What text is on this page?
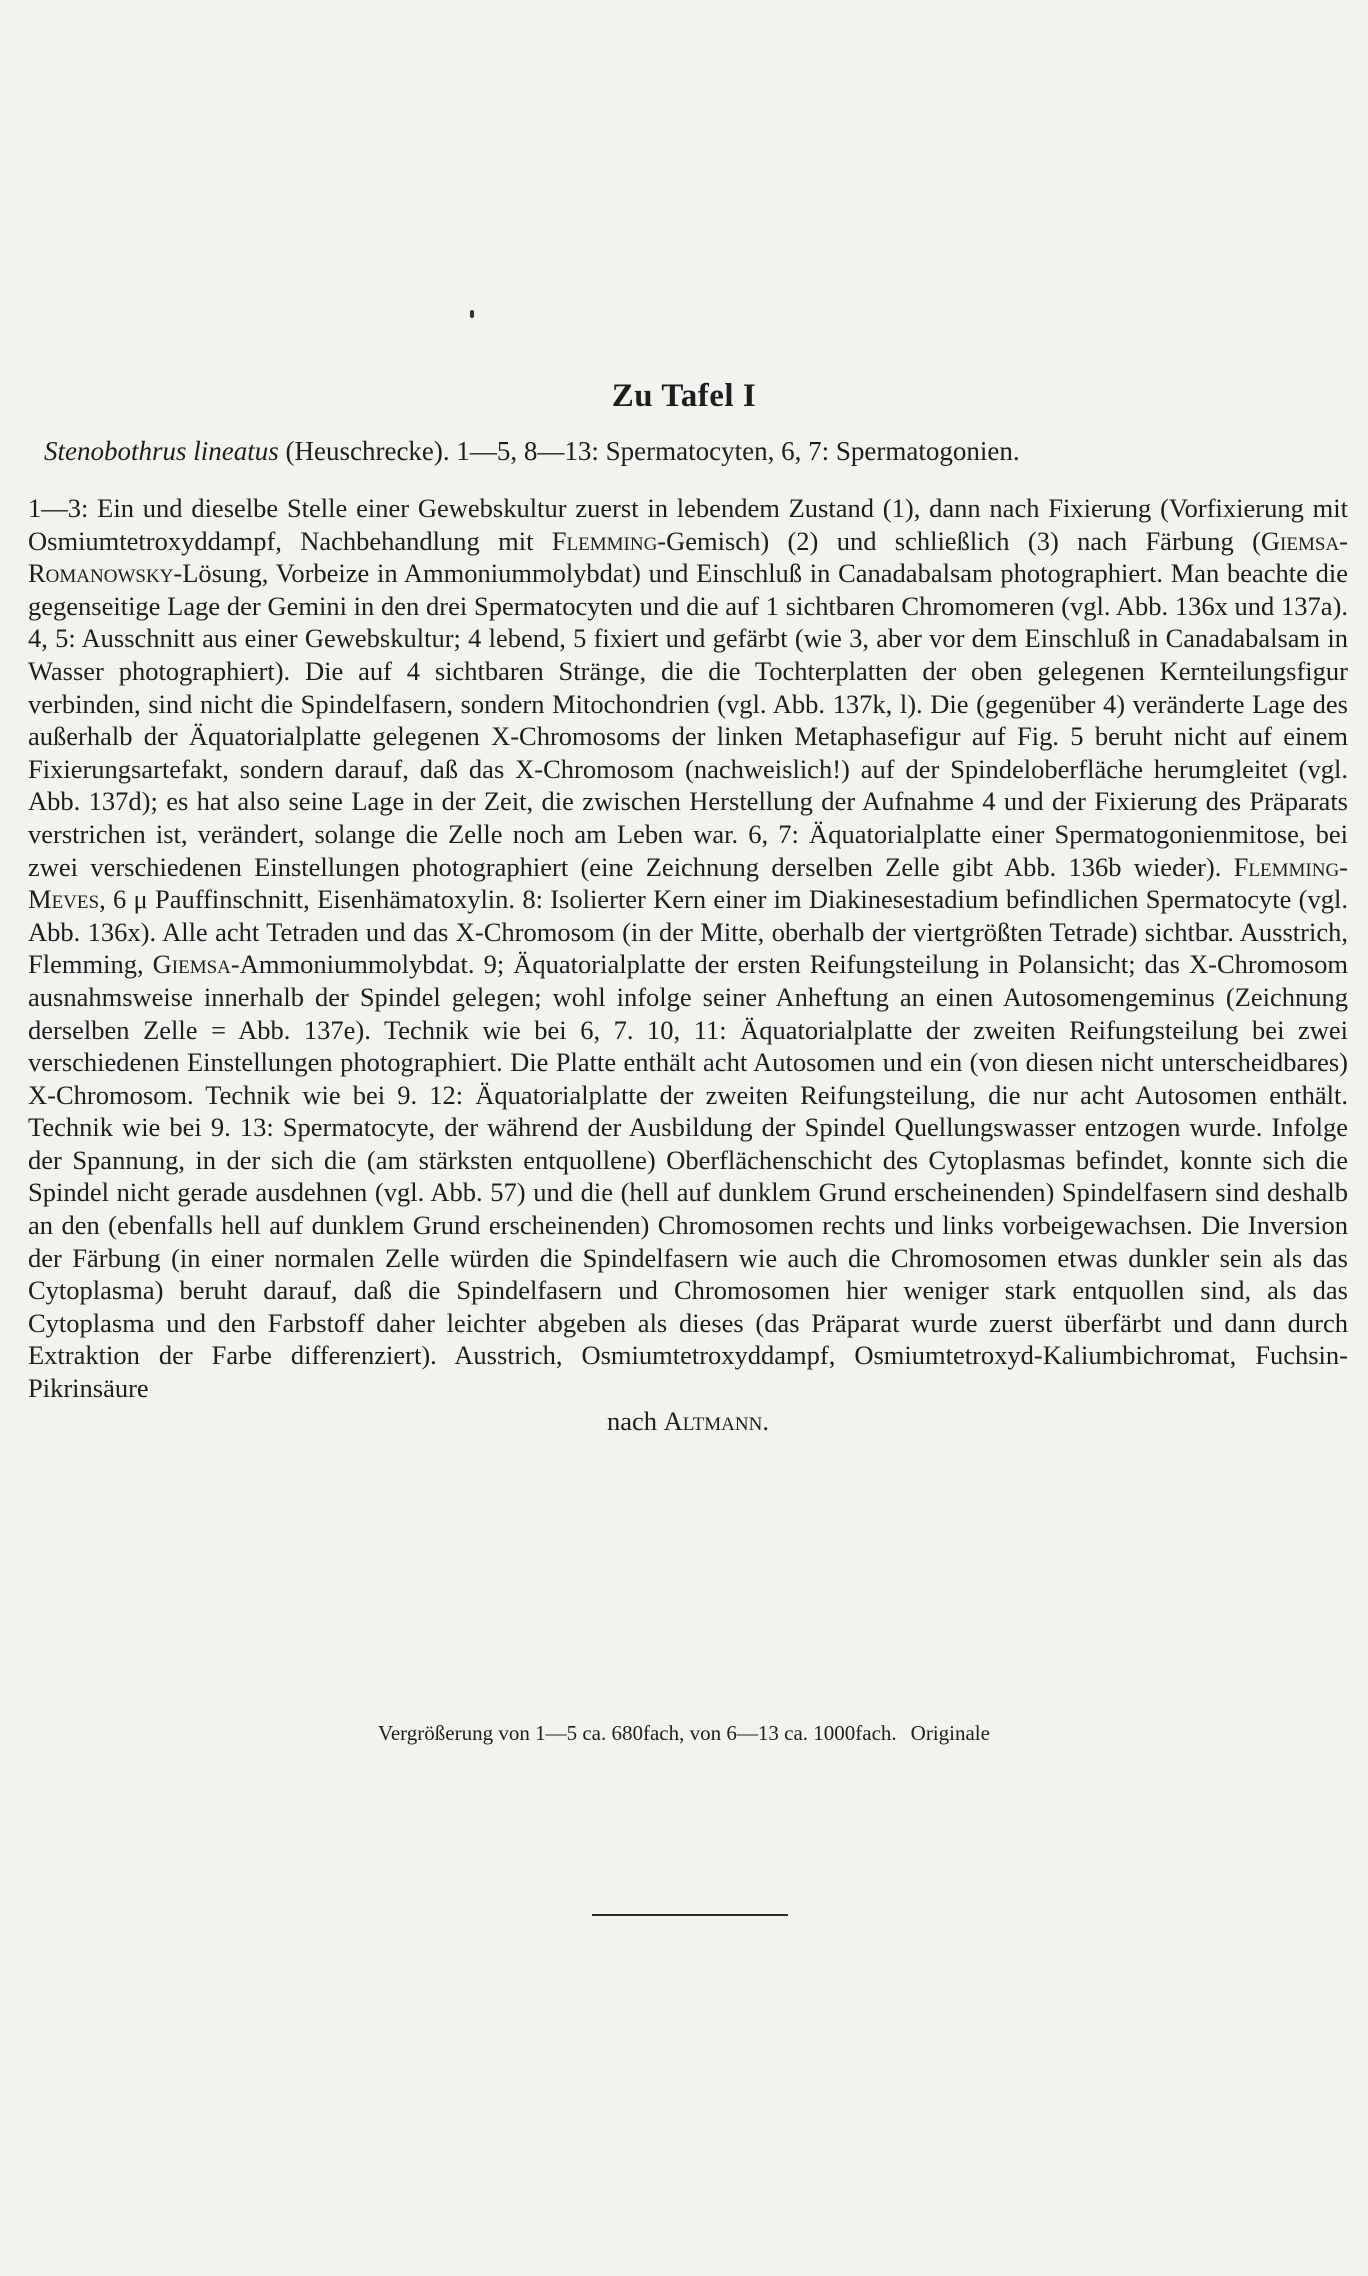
Zu Tafel I

Stenobothrus lineatus (Heuschrecke). 1—5, 8—13: Spermatocyten, 6, 7: Spermatogonien.

1—3: Ein und dieselbe Stelle einer Gewebskultur zuerst in lebendem Zustand (1), dann nach Fixierung (Vorfixierung mit Osmiumtetroxyddampf, Nachbehandlung mit Flemming-Gemisch) (2) und schließlich (3) nach Färbung (Giemsa-Romanowsky-Lösung, Vorbeize in Ammoniummolybdat) und Einschluß in Canadabalsam photographiert. Man beachte die gegenseitige Lage der Gemini in den drei Spermatocyten und die auf 1 sichtbaren Chromomeren (vgl. Abb. 136x und 137a). 4, 5: Ausschnitt aus einer Gewebskultur; 4 lebend, 5 fixiert und gefärbt (wie 3, aber vor dem Einschluß in Canadabalsam in Wasser photographiert). Die auf 4 sichtbaren Stränge, die die Tochterplatten der oben gelegenen Kernteilungsfigur verbinden, sind nicht die Spindelfasern, sondern Mitochondrien (vgl. Abb. 137k, l). Die (gegenüber 4) veränderte Lage des außerhalb der Äquatorialplatte gelegenen X-Chromosoms der linken Metaphasefigur auf Fig. 5 beruht nicht auf einem Fixierungsartefakt, sondern darauf, daß das X-Chromosom (nachweislich!) auf der Spindeloberfläche herumgleitet (vgl. Abb. 137d); es hat also seine Lage in der Zeit, die zwischen Herstellung der Aufnahme 4 und der Fixierung des Präparats verstrichen ist, verändert, solange die Zelle noch am Leben war. 6, 7: Äquatorialplatte einer Spermatogonienmitose, bei zwei verschiedenen Einstellungen photographiert (eine Zeichnung derselben Zelle gibt Abb. 136b wieder). Flemming-Meves, 6 μ Pauffinschnitt, Eisenhämatoxylin. 8: Isolierter Kern einer im Diakinesestadium befindlichen Spermatocyte (vgl. Abb. 136x). Alle acht Tetraden und das X-Chromosom (in der Mitte, oberhalb der viertgrößten Tetrade) sichtbar. Ausstrich, Flemming, Giemsa-Ammoniummolybdat. 9; Äquatorialplatte der ersten Reifungsteilung in Polansicht; das X-Chromosom ausnahmsweise innerhalb der Spindel gelegen; wohl infolge seiner Anheftung an einen Autosomengeminus (Zeichnung derselben Zelle = Abb. 137e). Technik wie bei 6, 7. 10, 11: Äquatorialplatte der zweiten Reifungsteilung bei zwei verschiedenen Einstellungen photographiert. Die Platte enthält acht Autosomen und ein (von diesen nicht unterscheidbares) X-Chromosom. Technik wie bei 9. 12: Äquatorialplatte der zweiten Reifungsteilung, die nur acht Autosomen enthält. Technik wie bei 9. 13: Spermatocyte, der während der Ausbildung der Spindel Quellungswasser entzogen wurde. Infolge der Spannung, in der sich die (am stärksten entquollene) Oberflächenschicht des Cytoplasmas befindet, konnte sich die Spindel nicht gerade ausdehnen (vgl. Abb. 57) und die (hell auf dunklem Grund erscheinenden) Spindelfasern sind deshalb an den (ebenfalls hell auf dunklem Grund erscheinenden) Chromosomen rechts und links vorbeigewachsen. Die Inversion der Färbung (in einer normalen Zelle würden die Spindelfasern wie auch die Chromosomen etwas dunkler sein als das Cytoplasma) beruht darauf, daß die Spindelfasern und Chromosomen hier weniger stark entquollen sind, als das Cytoplasma und den Farbstoff daher leichter abgeben als dieses (das Präparat wurde zuerst überfärbt und dann durch Extraktion der Farbe differenziert). Ausstrich, Osmiumtetroxyddampf, Osmiumtetroxyd-Kaliumbichromat, Fuchsin-Pikrinsäure
nach Altmann.

Vergrößerung von 1—5 ca. 680fach, von 6—13 ca. 1000fach. Originale
